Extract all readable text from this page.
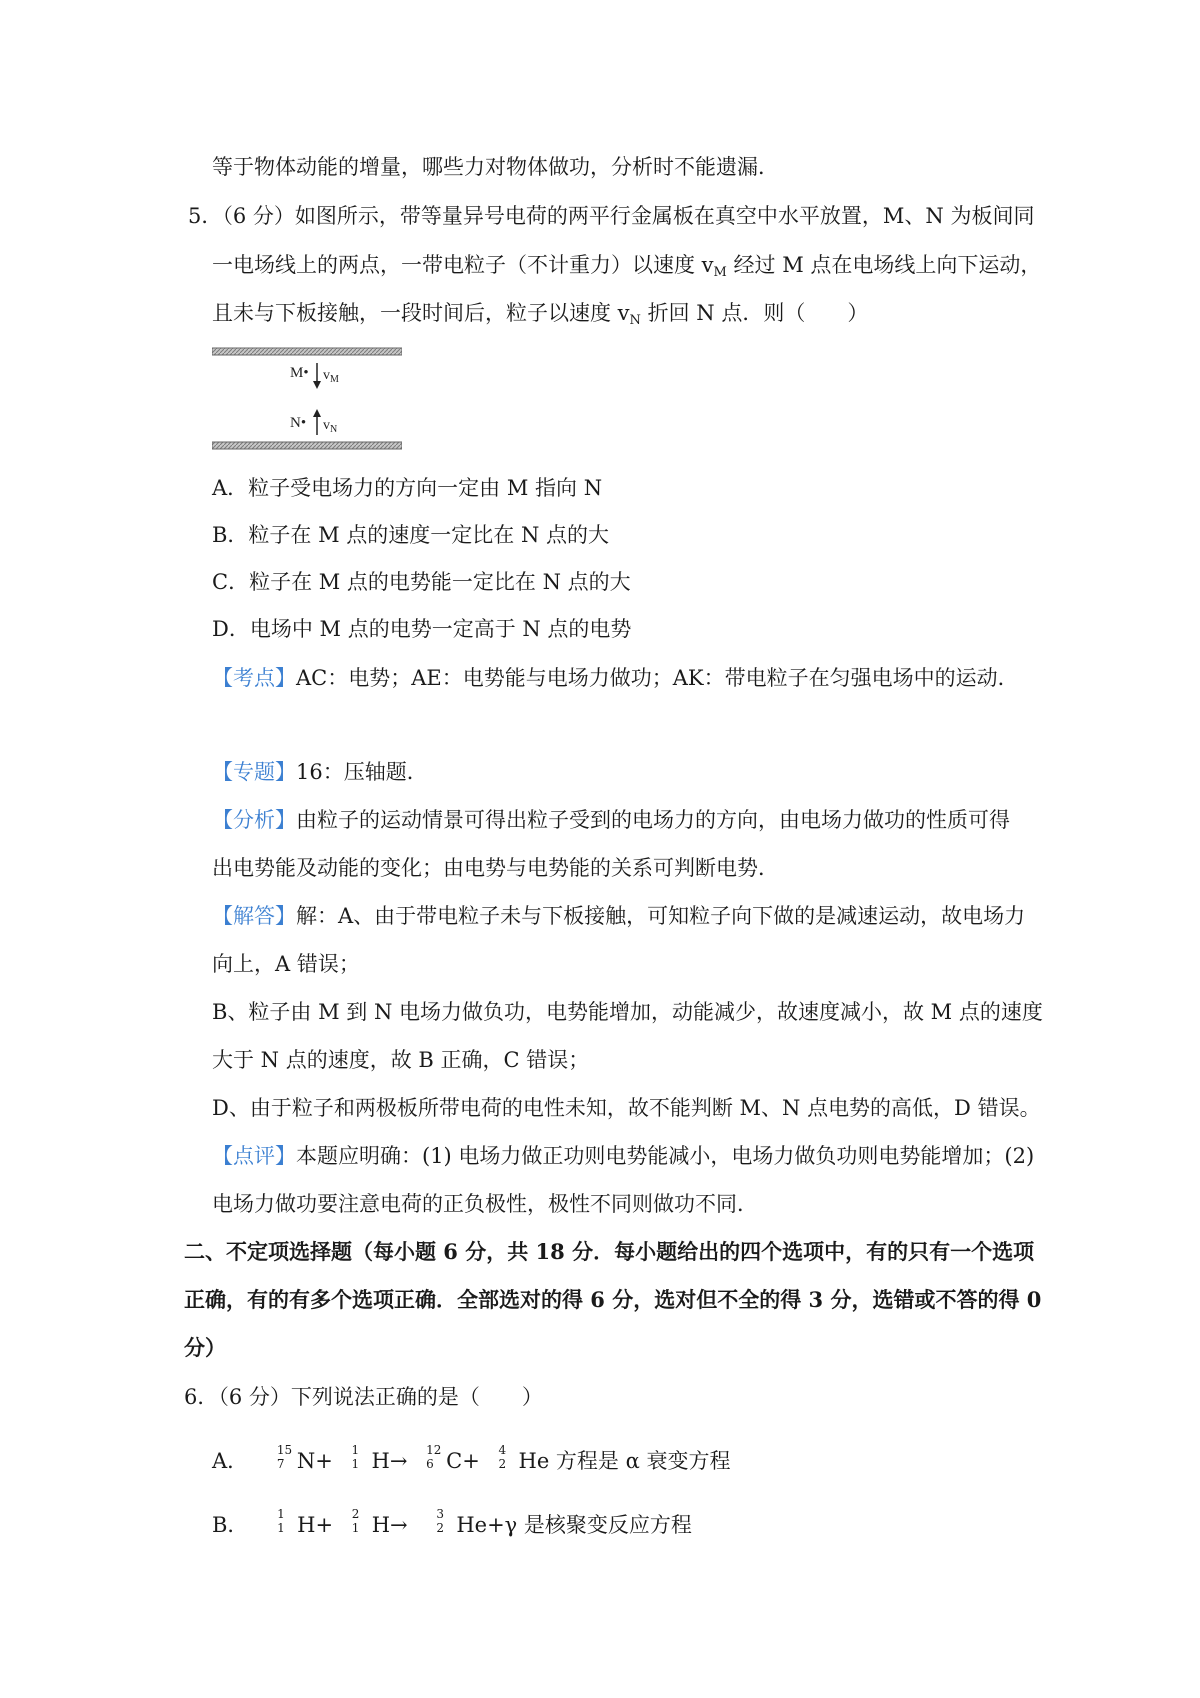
等于物体动能的增量，哪些力对物体做功，分析时不能遗漏．
5．（6 分）如图所示，带等量异号电荷的两平行金属板在真空中水平放置，M、N 为板间同
一电场线上的两点，一带电粒子（不计重力）以速度 $v_M$ 经过 M 点在电场线上向下运动，
且未与下板接触，一段时间后，粒子以速度 $v_N$ 折回 N 点．则（　　）
M• $v_M$
N• $v_N$
A．粒子受电场力的方向一定由 M 指向 N
B．粒子在 M 点的速度一定比在 N 点的大
C．粒子在 M 点的电势能一定比在 N 点的大
D．电场中 M 点的电势一定高于 N 点的电势
【考点】AC：电势；AE：电势能与电场力做功；AK：带电粒子在匀强电场中的运动．
【专题】16：压轴题．
【分析】由粒子的运动情景可得出粒子受到的电场力的方向，由电场力做功的性质可得
出电势能及动能的变化；由电势与电势能的关系可判断电势．
【解答】解：A、由于带电粒子未与下板接触，可知粒子向下做的是减速运动，故电场力
向上，A 错误；
B、粒子由 M 到 N 电场力做负功，电势能增加，动能减少，故速度减小，故 M 点的速度
大于 N 点的速度，故 B 正确，C 错误；
D、由于粒子和两极板所带电荷的电性未知，故不能判断 M、N 点电势的高低，D 错误。
【点评】本题应明确：(1) 电场力做正功则电势能减小，电场力做负功则电势能增加；(2)
电场力做功要注意电荷的正负极性，极性不同则做功不同．
二、不定项选择题（每小题 6 分，共 18 分．每小题给出的四个选项中，有的只有一个选项
正确，有的有多个选项正确．全部选对的得 6 分，选对但不全的得 3 分，选错或不答的得 0
分）
6．（6 分）下列说法正确的是（　　）
A． 15
7 N+ 1
1 H→ 12
6 C+ 4
2 He 方程是 α 衰变方程
B． 1
1 H+ 2
1 H→ 3
2 He+γ 是核聚变反应方程
